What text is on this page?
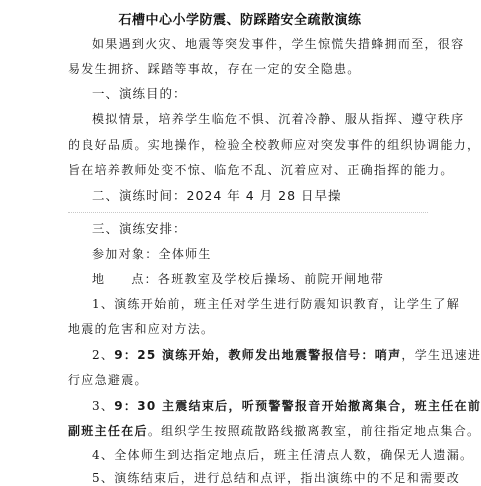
石槽中心小学防震、防踩踏安全疏散演练
如果遇到火灾、地震等突发事件，学生惊慌失措蜂拥而至，很容
易发生拥挤、踩踏等事故，存在一定的安全隐患。
一、演练目的：
模拟情景，培养学生临危不惧、沉着冷静、服从指挥、遵守秩序
的良好品质。实地操作，检验全校教师应对突发事件的组织协调能力，
旨在培养教师处变不惊、临危不乱、沉着应对、正确指挥的能力。
二、演练时间：2024 年 4 月 28 日早操
三、演练安排：
参加对象：全体师生
地 点：各班教室及学校后操场、前院开闸地带
1、演练开始前，班主任对学生进行防震知识教育，让学生了解
地震的危害和应对方法。
2、9：25 演练开始，教师发出地震警报信号：哨声，学生迅速进
行应急避震。
3、9：30 主震结束后，听预警警报音开始撤离集合，班主任在前
副班主任在后。组织学生按照疏散路线撤离教室，前往指定地点集合。
4、全体师生到达指定地点后，班主任清点人数，确保无人遗漏。
5、演练结束后，进行总结和点评，指出演练中的不足和需要改
